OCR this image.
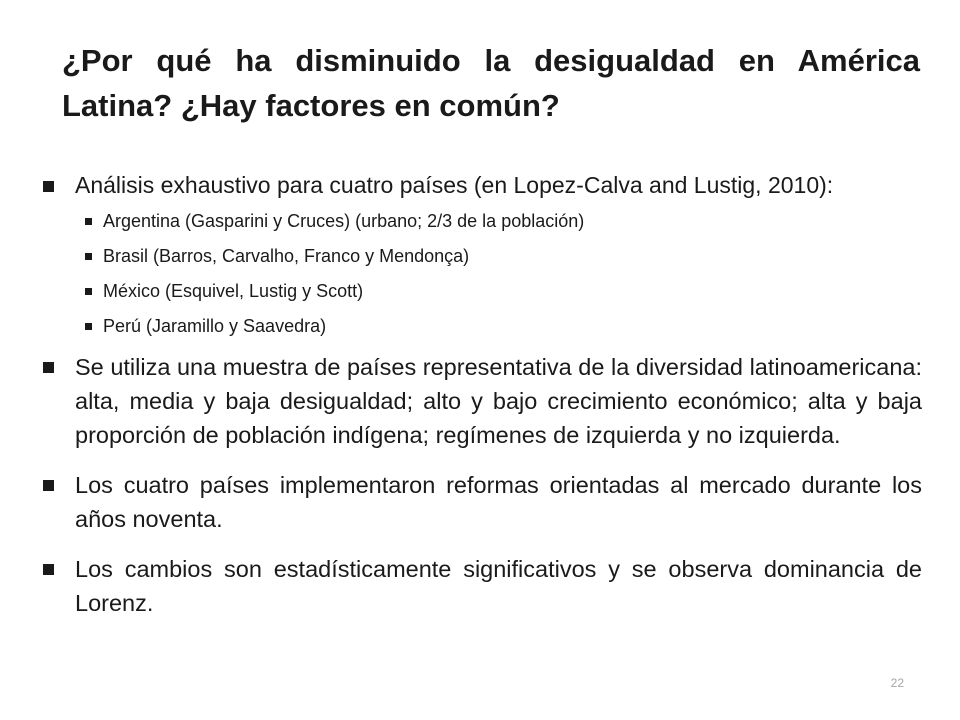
¿Por qué ha disminuido la desigualdad en América Latina? ¿Hay factores en común?
Análisis exhaustivo para cuatro países (en Lopez-Calva and Lustig, 2010):
Argentina (Gasparini y Cruces) (urbano; 2/3 de la población)
Brasil (Barros, Carvalho, Franco y Mendonça)
México (Esquivel, Lustig y Scott)
Perú (Jaramillo y Saavedra)
Se utiliza una muestra de países representativa de la diversidad latinoamericana: alta, media y baja desigualdad; alto y bajo crecimiento económico; alta y baja proporción de población indígena; regímenes de izquierda y no izquierda.
Los cuatro países implementaron reformas orientadas al mercado durante los años noventa.
Los cambios son estadísticamente significativos y se observa dominancia de Lorenz.
22
